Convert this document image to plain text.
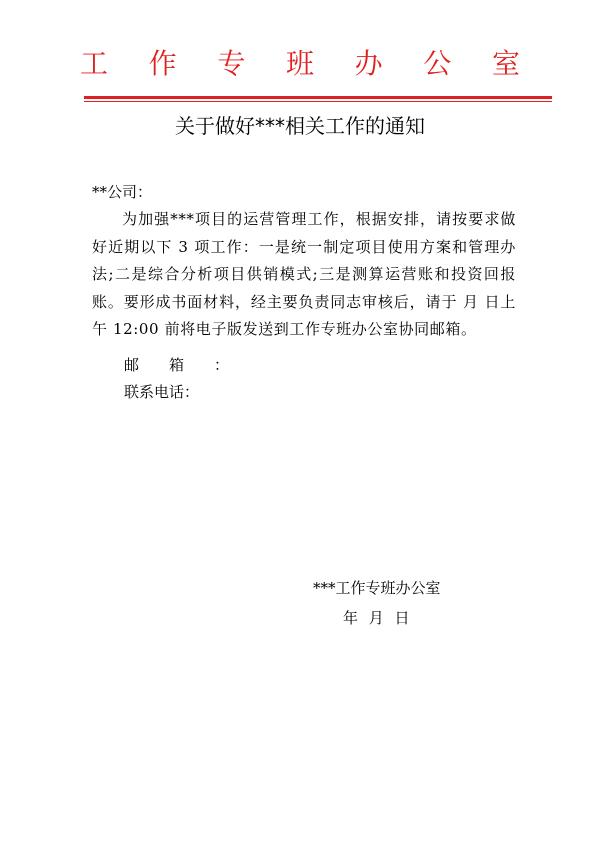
工 作 专 班 办 公 室
关于做好***相关工作的通知
**公司：
为加强***项目的运营管理工作，根据安排，请按要求做好近期以下 3 项工作：一是统一制定项目使用方案和管理办法;二是综合分析项目供销模式;三是测算运营账和投资回报账。要形成书面材料，经主要负责同志审核后，请于 月 日上午 12:00 前将电子版发送到工作专班办公室协同邮箱。
邮箱：
联系电话：
***工作专班办公室
年 月 日
